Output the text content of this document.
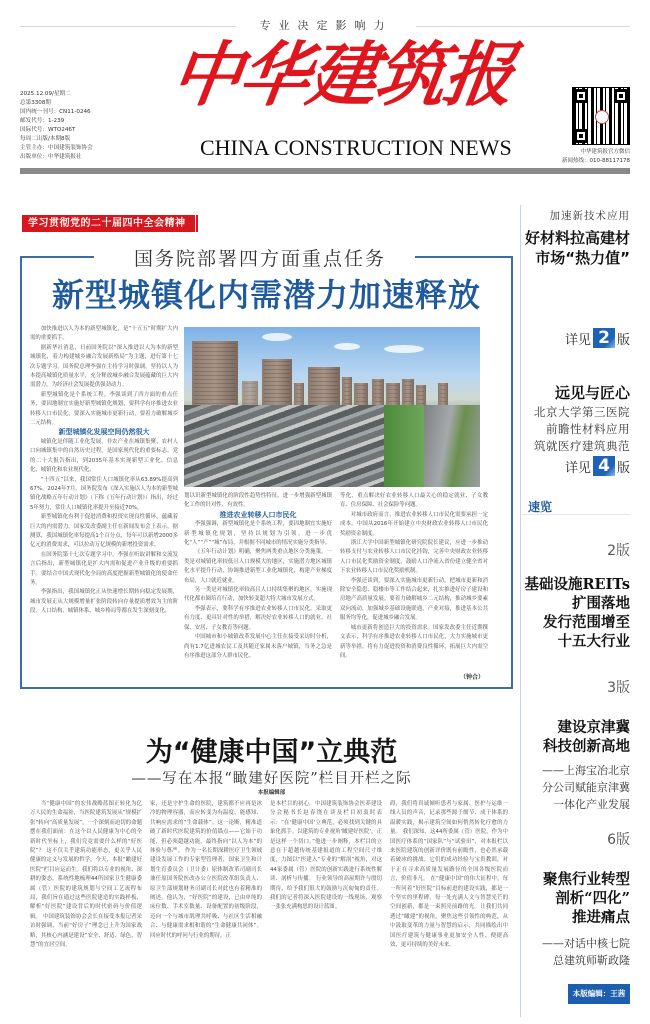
专业决定影响力
2025.12.09/星期二
总第3308期
国内统一刊号：CN11-0246
邮发代号：1-239
国际代号：WTO246T
每周二出版/本期8版
主管主办：中国建筑装饰协会
出版单位：中华建筑报社
中华建筑报
CHINA CONSTRUCTION NEWS	中华建筑报官方微信
新闻热线：010-88117178
学习贯彻党的二十届四中全会精神
国务院部署四方面重点任务
新型城镇化内需潜力加速释放

加快推进以人为本的新型城镇化，是“十五五”时期扩大内需的重要抓手。

据新华社消息，日前国务院以“深入推进以人为本的新型城镇化，着力构建城乡融合发展新格局”为主题，进行第十七次专题学习。国务院总理李强在主持学习时强调，坚持以人为本提高城镇化质量水平，充分释放城乡融合发展蕴藏的巨大内需潜力，为经济社会发展提供强劲动力。

新型城镇化是个系统工程。李强谈到了四方面的重点任务，要因地制宜实施好新型城镇化规划，要科学有序推进农业转移人口市民化，要深入实施城市更新行动，要着力破解城乡二元结构。

新型城镇化发展空间仍然很大

城镇化是伴随工业化发展，非农产业在城镇集聚、农村人口向城镇集中的自然历史过程，是国家现代化的重要标志。党的二十大报告指出，到2035年基本实现新型工业化、信息化、城镇化和农业现代化。

“十四五”以来，我国常住人口城镇化率从63.89%提高到67%。2024年7月，国务院发布《深入实施以人为本的新型城镇化战略五年行动计划》（下称《五年行动计划》）指出，经过5年努力，常住人口城镇化率提升至接近70%。

新型城镇化有利于促进消费和投资实现良性循环，蕴藏着巨大的内需潜力。国家发改委副主任在新闻发布会上表示，据测算，我国城镇化率每提高1个百分点，每年可以新增2000多亿元的消费需求，可以拉动万亿规模的新增投资需求。

在国务院第十七次专题学习中，李强在听取讲解和交流发言后指出，新型城镇化是扩大内需和促进产业升级的重要抓手。要结合中国式现代化全局的高度把握新型城镇化的使命任务。

李强指出，我国城镇化正从快速增长期转向稳定发展期，城市发展正从大规模增量扩张阶段转向存量提质增效为主的阶段，人口结构、城镇体系、城乡格局等都在发生深刻变化。

划以识新型城镇化的阶段性趋势性特征，进一步增强新型城镇化工作的针对性、有效性。

推进农业转移人口市民化

李强强调，新型城镇化是个系统工程，要因地制宜实施好新型城镇化规划，坚持以规划为引领，进一步优化“人”“产”“城”布局，并根据不同城市的情况实施分类指导。

《五年行动计划》明确，聚焦两类重点地区分类施策。一类是对城镇化率较低且人口规模大的地区，实施潜力地区城镇化水平提升行动，协调推进新型工业化城镇化，构建产业梯度布局，人口就近就业。

另一类是对城镇化率较高且人口持续集聚的地区，实施现代化都市圈培育行动，加快转变超大特大城市发展方式。

李强表示，要科学有序推进农业转移人口市民化，采取更有力度、更具针对性的举措，解决好农业转移人口的就业、社保、安居、子女教育等问题。

中国城市和小城镇改革发展中心主任在接受采访时分析，尚有1.7亿进城农民工及其随迁家属未落户城镇，当务之急是有序推进这部分人群市民化。

等化，重点解决好农业转移人口最关心的稳定就业、子女教育、住房保障、社会保险等问题。

对城市政府而言，推进农业转移人口市民化需要承担一定成本。中国从2016年开始建立中央财政农业转移人口市民化奖励资金制度。

浙江大学中国新型城镇化研究院院长建议，应进一步推动转移支付与农业转移人口市民化挂钩，完善中央财政农业转移人口市民化奖励资金制度，鼓励人口净流入省份建立健全省对下农业转移人口市民化奖励机制。

李强还谈到，要深入实施城市更新行动，把城市更新和消除安全隐患、稳楼市等工作结合起来，扎实推进好房子建设和房地产高质量发展。要着力破解城乡二元结构，推动城乡要素双向流动，加强城乡基础设施联通，产业对接，推进基本公共服务均等化，促进城乡融合发展。

城市更新将创造巨大的投资需求。国家发改委主任近期撰文表示，科学有序推进农业转移人口市民化，大力实施城市更新等举措，将有力促进投资和消费良性循环，拓展巨大内需空间。

（钟合）
加速新技术应用
好材料拉高建材
市场“热力值”
详见 2 版
远见与匠心
北京大学第三医院
前瞻性材料应用
筑就医疗建筑典范
详见 4 版
速览
2版
基础设施REITs
扩围落地
发行范围增至
十五大行业
3版
建设京津冀
科技创新高地
——上海宝冶北京
分公司赋能京津冀
一体化产业发展
6版
聚焦行业转型
剖析“四化”
推进痛点
——对话中核七院
总建筑师靳政隆
本版编辑：王茜
为“健康中国”立典范
——写在本报“瞰建好医院”栏目开栏之际
本报编辑部
当“健康中国”的宏伟战略蓝图正转化为亿万人民的生命福祉，当医院建筑发展从“规模扩张”转向“高质量发展”，一个深刻而迫切的命题摆在我们面前：在这个以人民健康为中心的全新时代坐标上，我们究竟需要什么样的“好医院”？ 这不仅关乎建筑功能形态，更关乎人民健康的定义与发展的哲学。今天，本报“瞰建好医院”栏目应运而生。我们将以专业的视角、深耕的姿态，系统性地梳理44所国家卫生健康委属（管）医院的建筑规划与空间工艺流程布局，我们旨在通过这些医院建造的实践样板，解析“好医院”建设背后的时代密码与价值逻辑。 中国建筑装饰协会会长在接受本报记者采访时强调，当前“好房子”理念已上升为国家战略，其核心内涵是建设“安全、舒适、绿色、智慧”的宜居空间。
家，还是守护生命的医院，建筑都不应再是冰冷的物理容器，而应转变为有温度、能感知、共响应需求的“生命载体”。这一论断，精准道破了新时代医院建筑的价值锚点——它始于功能，但必须超越功能，最终指向“以人为本”的体验与尊严。 作为一名长期深耕医疗卫生领域建设发展工作的专家型管理者，国家卫生和计划生育委员会（卫计委）原体制改革司副司长兼任原国务院医改办公立医院改革组负责人、原卫生部规划财务司副司长对此也有着精准的阐述。他认为，“好医院”的建设，已由单纯的床位数、手术室数量、设备配置的初级阶段，迈向一个与城市肌理共呼吸、与社区生活相融合、与健康需求相和谐的“生命健康共同体”。 回应时代的呼问与行业的期待，正
是本栏目的初心。中国建筑装饰协会医养建设分会秘书长赵春饶在谈及栏目初衷时表示：“在‘健康中国’立典范，必须找到关键的具象化抓手。以建筑的专业视角‘瞰建好医院’，正是这样一个切口。”他进一步阐释，本栏目的立意在于超越传统基建报道的工程空间尺寸维度，力图以“医建入”专业的“解剖”视角，对这44家委属（管）医院的创新实践进行系统性解读、剖析与传播。 行业领导的高屋期许与殷切期待，给予我们很大的鼓励与沉甸甸的责任。我们的记者将深入医院建设的一线现场，观察一张张充满构思的设计蓝图。
碍，我们将真诚倾听患者与家属、医护与运维一线人员的声音，记录那些源于细节、成于体系的温暖实践，揭示建筑空间如何悄然转化疗愈的力量。 我们深知，这44所委属（管）医院，作为中国医疗体系的“国家队”与“试验田”，对本报栏以来医院建筑的创新评价既有前瞻性，也必然承载着破冰的挑战。它们的成功经验与宝贵教训，对于正在寻求高质量发展路径的全国各级医院而言，价值非凡。 在“健康中国”的伟大征程中，每一所问着“好医院”目标前进的建设实践，都是一个坚实的里程碑。每一处充满人文与智慧光芒的空间创新，都是一束照亮前路的光。让我们共同透过“瞰建”的视角，聚焦这些引领性的典范，从中汲取变革的力量与智慧的启示，共同描绘出中国医疗建筑与健康事业更加安全人性、便捷高效、更可持续的美好未来。
